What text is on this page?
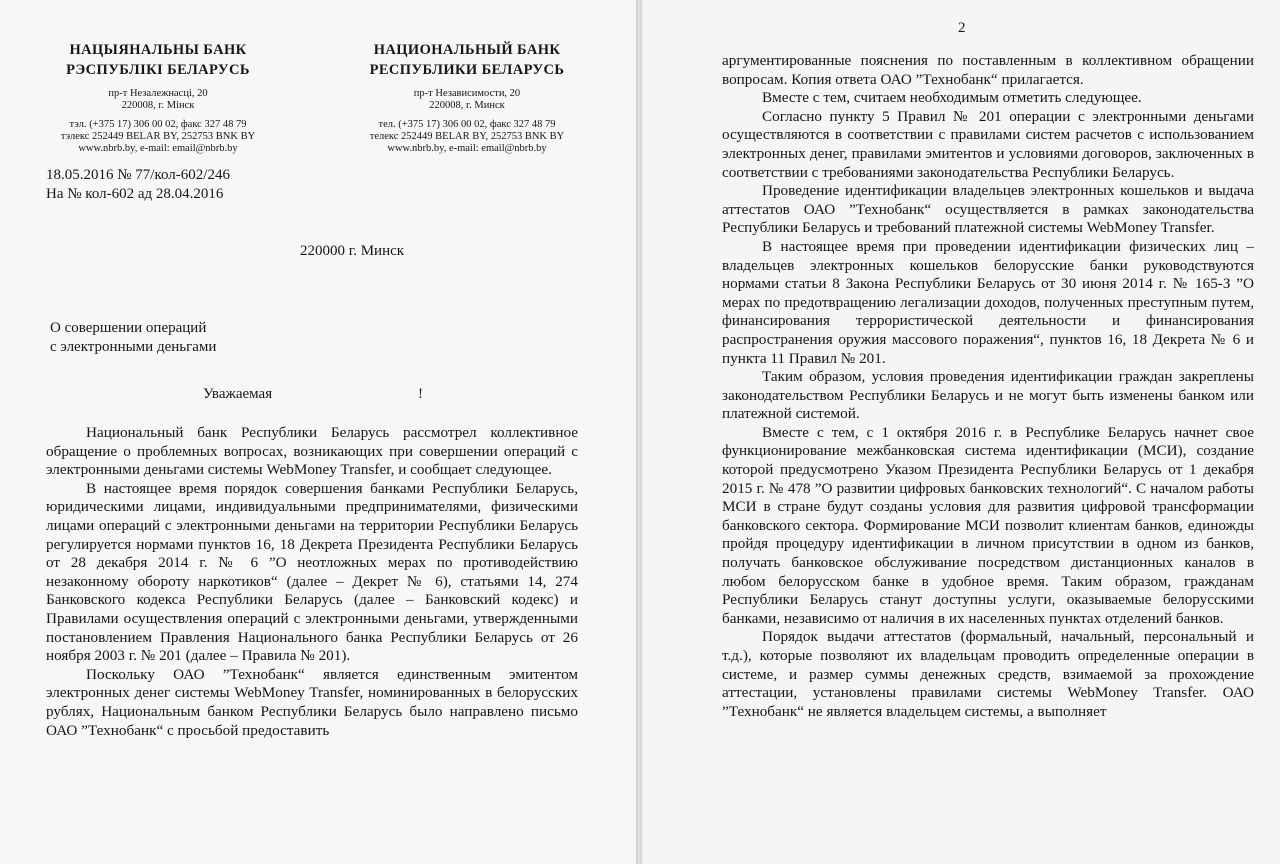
НАЦЫЯНАЛЬНЫ БАНК

РЭСПУБЛІКІ БЕЛАРУСЬ

пр-т Незалежнасці, 20
220008, г. Мінск
тэл. (+375 17) 306 00 02, факс 327 48 79
тэлекс 252449 BELAR BY, 252753 BNK BY
www.nbrb.by, e-mail: email@nbrb.by

НАЦИОНАЛЬНЫЙ БАНК

РЕСПУБЛИКИ БЕЛАРУСЬ

пр-т Независимости, 20
220008, г. Минск
тел. (+375 17) 306 00 02, факс 327 48 79
телекс 252449 BELAR BY, 252753 BNK BY
www.nbrb.by, e-mail: email@nbrb.by
18.05.2016 № 77/кол-602/246
На № кол-602 ад 28.04.2016
220000 г. Минск
О совершении операций
с электронными деньгами
Уважаемая	!

Национальный банк Республики Беларусь рассмотрел коллективное обращение о проблемных вопросах, возникающих при совершении операций с электронными деньгами системы WebMoney Transfer, и сообщает следующее.

В настоящее время порядок совершения банками Республики Беларусь, юридическими лицами, индивидуальными предпринимателями, физическими лицами операций с электронными деньгами на территории Республики Беларусь регулируется нормами пунктов 16, 18 Декрета Президента Республики Беларусь от 28 декабря 2014 г. № 6 ”О неотложных мерах по противодействию незаконному обороту наркотиков“ (далее – Декрет № 6), статьями 14, 274 Банковского кодекса Республики Беларусь (далее – Банковский кодекс) и Правилами осуществления операций с электронными деньгами, утвержденными постановлением Правления Национального банка Республики Беларусь от 26 ноября 2003 г. № 201 (далее – Правила № 201).

Поскольку ОАО ”Технобанк“ является единственным эмитентом электронных денег системы WebMoney Transfer, номинированных в белорусских рублях, Национальным банком Республики Беларусь было направлено письмо ОАО ”Технобанк“ с просьбой предоставить

2

аргументированные пояснения по поставленным в коллективном обращении вопросам. Копия ответа ОАО ”Технобанк“ прилагается.

Вместе с тем, считаем необходимым отметить следующее.

Согласно пункту 5 Правил № 201 операции с электронными деньгами осуществляются в соответствии с правилами систем расчетов с использованием электронных денег, правилами эмитентов и условиями договоров, заключенных в соответствии с требованиями законодательства Республики Беларусь.

Проведение идентификации владельцев электронных кошельков и выдача аттестатов ОАО ”Технобанк“ осуществляется в рамках законодательства Республики Беларусь и требований платежной системы WebMoney Transfer.

В настоящее время при проведении идентификации физических лиц – владельцев электронных кошельков белорусские банки руководствуются нормами статьи 8 Закона Республики Беларусь от 30 июня 2014 г. № 165-З ”О мерах по предотвращению легализации доходов, полученных преступным путем, финансирования террористической деятельности и финансирования распространения оружия массового поражения“, пунктов 16, 18 Декрета № 6 и пункта 11 Правил № 201.

Таким образом, условия проведения идентификации граждан закреплены законодательством Республики Беларусь и не могут быть изменены банком или платежной системой.

Вместе с тем, с 1 октября 2016 г. в Республике Беларусь начнет свое функционирование межбанковская система идентификации (МСИ), создание которой предусмотрено Указом Президента Республики Беларусь от 1 декабря 2015 г. № 478 ”О развитии цифровых банковских технологий“. С началом работы МСИ в стране будут созданы условия для развития цифровой трансформации банковского сектора. Формирование МСИ позволит клиентам банков, единожды пройдя процедуру идентификации в личном присутствии в одном из банков, получать банковское обслуживание посредством дистанционных каналов в любом белорусском банке в удобное время. Таким образом, гражданам Республики Беларусь станут доступны услуги, оказываемые белорусскими банками, независимо от наличия в их населенных пунктах отделений банков.

Порядок выдачи аттестатов (формальный, начальный, персональный и т.д.), которые позволяют их владельцам проводить определенные операции в системе, и размер суммы денежных средств, взимаемой за прохождение аттестации, установлены правилами системы WebMoney Transfer. ОАО ”Технобанк“ не является владельцем системы, а выполняет
